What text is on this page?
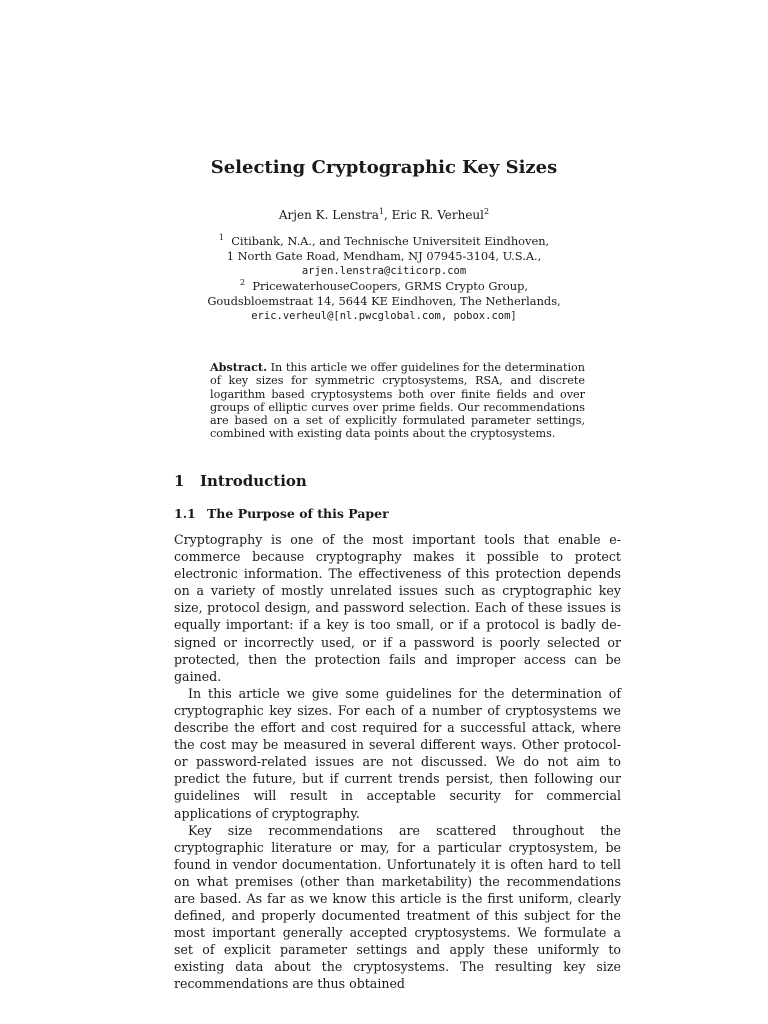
Selecting Cryptographic Key Sizes
Arjen K. Lenstra$^1$, Eric R. Verheul$^2$
$^1$ Citibank, N.A., and Technische Universiteit Eindhoven,
1 North Gate Road, Mendham, NJ 07945-3104, U.S.A.,
arjen.lenstra@citicorp.com
$^2$ PricewaterhouseCoopers, GRMS Crypto Group,
Goudsbloemstraat 14, 5644 KE Eindhoven, The Netherlands,
eric.verheul@[nl.pwcglobal.com, pobox.com]
Abstract. In this article we offer guidelines for the determination of key sizes for symmetric cryptosystems, RSA, and discrete logarithm based cryptosystems both over finite fields and over groups of elliptic curves over prime fields. Our recommendations are based on a set of explicitly formulated parameter settings, combined with existing data points about the cryptosystems.
1 Introduction
1.1 The Purpose of this Paper

Cryptography is one of the most important tools that enable e-commerce because cryptography makes it possible to protect electronic information. The effectiveness of this protection depends on a variety of mostly unrelated issues such as cryptographic key size, protocol design, and password selection. Each of these issues is equally important: if a key is too small, or if a protocol is badly designed or incorrectly used, or if a password is poorly selected or protected, then the protection fails and improper access can be gained.

In this article we give some guidelines for the determination of cryptographic key sizes. For each of a number of cryptosystems we describe the effort and cost required for a successful attack, where the cost may be measured in several different ways. Other protocol- or password-related issues are not discussed. We do not aim to predict the future, but if current trends persist, then following our guidelines will result in acceptable security for commercial applications of cryptography.

Key size recommendations are scattered throughout the cryptographic literature or may, for a particular cryptosystem, be found in vendor documentation. Unfortunately it is often hard to tell on what premises (other than marketability) the recommendations are based. As far as we know this article is the first uniform, clearly defined, and properly documented treatment of this subject for the most important generally accepted cryptosystems. We formulate a set of explicit parameter settings and apply these uniformly to existing data about the cryptosystems. The resulting key size recommendations are thus obtained
